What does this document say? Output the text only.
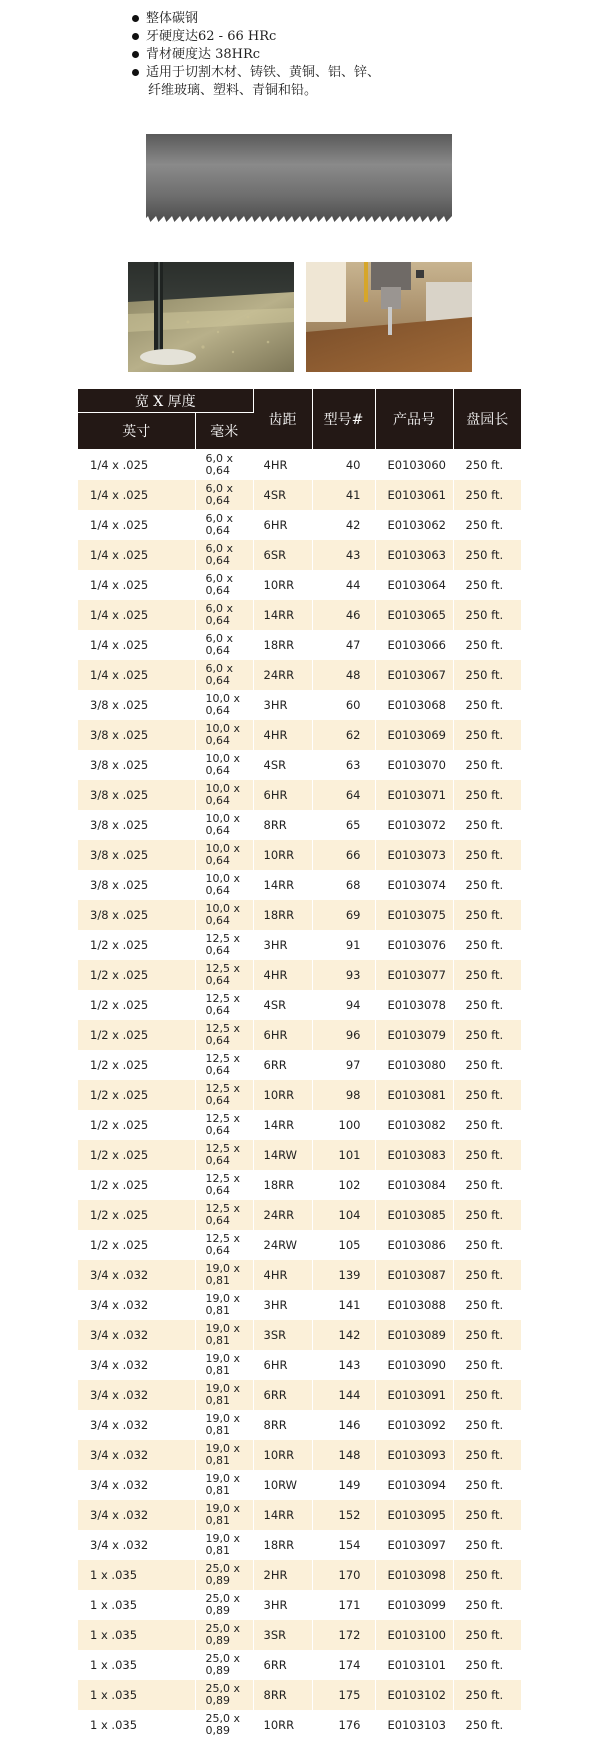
整体碳钢
牙硬度达62 - 66 HRc
背材硬度达 38HRc
适用于切割木材、铸铁、黄铜、铝、锌、
纤维玻璃、塑料、青铜和铅。
宽 X 厚度		齿距	型号#	产品号	盘园长
英寸	毫米				
1/4 x .025	6,0 x
0,64	4HR	40	E0103060	250 ft.
1/4 x .025	6,0 x
0,64	4SR	41	E0103061	250 ft.
1/4 x .025	6,0 x
0,64	6HR	42	E0103062	250 ft.
1/4 x .025	6,0 x
0,64	6SR	43	E0103063	250 ft.
1/4 x .025	6,0 x
0,64	10RR	44	E0103064	250 ft.
1/4 x .025	6,0 x
0,64	14RR	46	E0103065	250 ft.
1/4 x .025	6,0 x
0,64	18RR	47	E0103066	250 ft.
1/4 x .025	6,0 x
0,64	24RR	48	E0103067	250 ft.
3/8 x .025	10,0 x
0,64	3HR	60	E0103068	250 ft.
3/8 x .025	10,0 x
0,64	4HR	62	E0103069	250 ft.
3/8 x .025	10,0 x
0,64	4SR	63	E0103070	250 ft.
3/8 x .025	10,0 x
0,64	6HR	64	E0103071	250 ft.
3/8 x .025	10,0 x
0,64	8RR	65	E0103072	250 ft.
3/8 x .025	10,0 x
0,64	10RR	66	E0103073	250 ft.
3/8 x .025	10,0 x
0,64	14RR	68	E0103074	250 ft.
3/8 x .025	10,0 x
0,64	18RR	69	E0103075	250 ft.
1/2 x .025	12,5 x
0,64	3HR	91	E0103076	250 ft.
1/2 x .025	12,5 x
0,64	4HR	93	E0103077	250 ft.
1/2 x .025	12,5 x
0,64	4SR	94	E0103078	250 ft.
1/2 x .025	12,5 x
0,64	6HR	96	E0103079	250 ft.
1/2 x .025	12,5 x
0,64	6RR	97	E0103080	250 ft.
1/2 x .025	12,5 x
0,64	10RR	98	E0103081	250 ft.
1/2 x .025	12,5 x
0,64	14RR	100	E0103082	250 ft.
1/2 x .025	12,5 x
0,64	14RW	101	E0103083	250 ft.
1/2 x .025	12,5 x
0,64	18RR	102	E0103084	250 ft.
1/2 x .025	12,5 x
0,64	24RR	104	E0103085	250 ft.
1/2 x .025	12,5 x
0,64	24RW	105	E0103086	250 ft.
3/4 x .032	19,0 x
0,81	4HR	139	E0103087	250 ft.
3/4 x .032	19,0 x
0,81	3HR	141	E0103088	250 ft.
3/4 x .032	19,0 x
0,81	3SR	142	E0103089	250 ft.
3/4 x .032	19,0 x
0,81	6HR	143	E0103090	250 ft.
3/4 x .032	19,0 x
0,81	6RR	144	E0103091	250 ft.
3/4 x .032	19,0 x
0,81	8RR	146	E0103092	250 ft.
3/4 x .032	19,0 x
0,81	10RR	148	E0103093	250 ft.
3/4 x .032	19,0 x
0,81	10RW	149	E0103094	250 ft.
3/4 x .032	19,0 x
0,81	14RR	152	E0103095	250 ft.
3/4 x .032	19,0 x
0,81	18RR	154	E0103097	250 ft.
1 x .035	25,0 x
0,89	2HR	170	E0103098	250 ft.
1 x .035	25,0 x
0,89	3HR	171	E0103099	250 ft.
1 x .035	25,0 x
0,89	3SR	172	E0103100	250 ft.
1 x .035	25,0 x
0,89	6RR	174	E0103101	250 ft.
1 x .035	25,0 x
0,89	8RR	175	E0103102	250 ft.
1 x .035	25,0 x
0,89	10RR	176	E0103103	250 ft.
